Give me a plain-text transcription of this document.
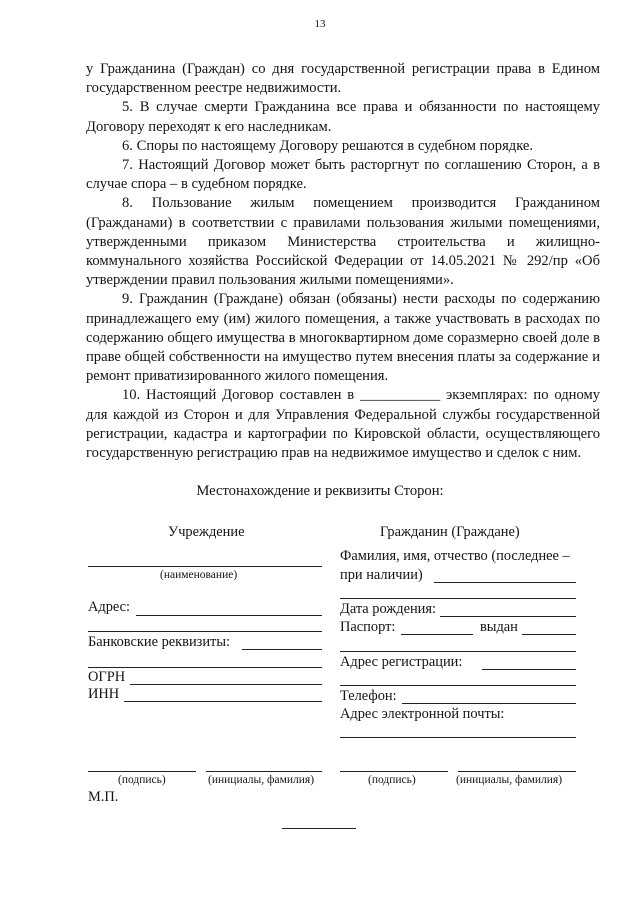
13

у Гражданина (Граждан) со дня государственной регистрации права в Едином государственном реестре недвижимости.

5. В случае смерти Гражданина все права и обязанности по настоящему Договору переходят к его наследникам.

6. Споры по настоящему Договору решаются в судебном порядке.

7. Настоящий Договор может быть расторгнут по соглашению Сторон, а в случае спора – в судебном порядке.

8. Пользование жилым помещением производится Гражданином (Гражданами) в соответствии с правилами пользования жилыми помещениями, утвержденными приказом Министерства строительства и жилищно-коммунального хозяйства Российской Федерации от 14.05.2021 № 292/пр «Об утверждении правил пользования жилыми помещениями».

9. Гражданин (Граждане) обязан (обязаны) нести расходы по содержанию принадлежащего ему (им) жилого помещения, а также участвовать в расходах по содержанию общего имущества в многоквартирном доме соразмерно своей доле в праве общей собственности на имущество путем внесения платы за содержание и ремонт приватизированного жилого помещения.

10. Настоящий Договор составлен в ___________ экземплярах: по одному для каждой из Сторон и для Управления Федеральной службы государственной регистрации, кадастра и картографии по Кировской области, осуществляющего государственную регистрацию прав на недвижимое имущество и сделок с ним.

Местонахождение и реквизиты Сторон:
Учреждение
(наименование)
Адрес:
Банковские реквизиты:
ОГРН
ИНН
(подпись)	(инициалы, фамилия)
М.П.
Гражданин (Граждане)
Фамилия, имя, отчество (последнее –
при наличии)
Дата рождения:
Паспорт:	выдан
Адрес регистрации:
Телефон:
Адрес электронной почты:
(подпись)	(инициалы, фамилия)
